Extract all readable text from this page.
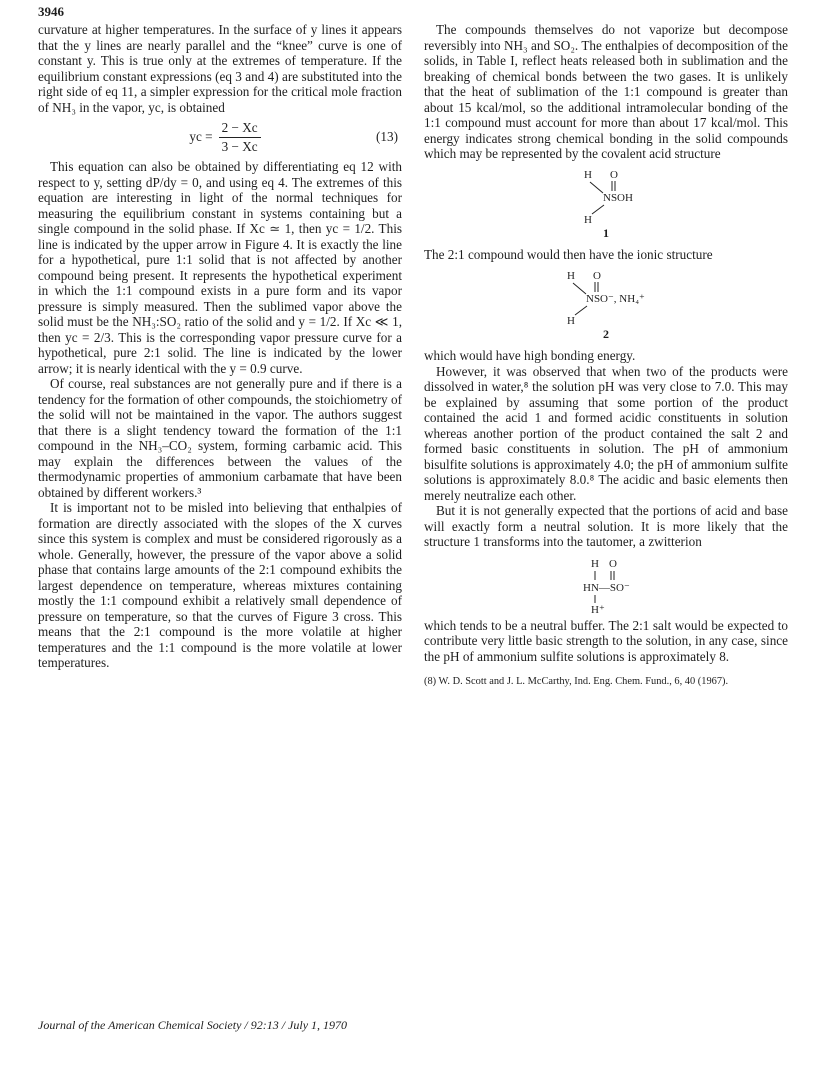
3946

curvature at higher temperatures. In the surface of y lines it appears that the y lines are nearly parallel and the “knee” curve is one of constant y. This is true only at the extremes of temperature. If the equilibrium constant expressions (eq 3 and 4) are substituted into the right side of eq 11, a simpler expression for the critical mole fraction of NH₃ in the vapor, yc, is obtained

yc = $\frac{2 - Xc}{3 - Xc}$	(13)

This equation can also be obtained by differentiating eq 12 with respect to y, setting dP/dy = 0, and using eq 4. The extremes of this equation are interesting in light of the normal techniques for measuring the equilibrium constant in systems containing but a single compound in the solid phase. If Xc ≃ 1, then yc = 1/2. This line is indicated by the upper arrow in Figure 4. It is exactly the line for a hypothetical, pure 1:1 solid that is not affected by another compound being present. It represents the hypothetical experiment in which the 1:1 compound exists in a pure form and its vapor pressure is simply measured. Then the sublimed vapor above the solid must be the NH₃:SO₂ ratio of the solid and y = 1/2. If Xc ≪ 1, then yc = 2/3. This is the corresponding vapor pressure curve for a hypothetical, pure 2:1 solid. The line is indicated by the lower arrow; it is nearly identical with the y = 0.9 curve.

Of course, real substances are not generally pure and if there is a tendency for the formation of other compounds, the stoichiometry of the solid will not be maintained in the vapor. The authors suggest that there is a slight tendency toward the formation of the 1:1 compound in the NH₃–CO₂ system, forming carbamic acid. This may explain the differences between the values of the thermodynamic properties of ammonium carbamate that have been obtained by different workers.³

It is important not to be misled into believing that enthalpies of formation are directly associated with the slopes of the X curves since this system is complex and must be considered rigorously as a whole. Generally, however, the pressure of the vapor above a solid phase that contains large amounts of the 2:1 compound exhibits the largest dependence on temperature, whereas mixtures containing mostly the 1:1 compound exhibit a relatively small dependence of pressure on temperature, so that the curves of Figure 3 cross. This means that the 2:1 compound is the more volatile at higher temperatures and the 1:1 compound is the more volatile at lower temperatures.

The compounds themselves do not vaporize but decompose reversibly into NH₃ and SO₂. The enthalpies of decomposition of the solids, in Table I, reflect heats released both in sublimation and the breaking of chemical bonds between the two gases. It is unlikely that the heat of sublimation of the 1:1 compound is greater than about 15 kcal/mol, so the additional intramolecular bonding of the 1:1 compound must account for more than about 17 kcal/mol. This energy indicates strong chemical bonding in the solid compounds which may be represented by the covalent acid structure

H O
NSOH
H
1

The 2:1 compound would then have the ionic structure

H O
NSO⁻, NH₄⁺
H
2

which would have high bonding energy.

However, it was observed that when two of the products were dissolved in water,⁸ the solution pH was very close to 7.0. This may be explained by assuming that some portion of the product contained the acid 1 and formed acidic constituents in solution whereas another portion of the product contained the salt 2 and formed basic constituents in solution. The pH of ammonium bisulfite solutions is approximately 4.0; the pH of ammonium sulfite solutions is approximately 8.0.⁸ The acidic and basic elements then merely neutralize each other.

But it is not generally expected that the portions of acid and base will exactly form a neutral solution. It is more likely that the structure 1 transforms into the tautomer, a zwitterion

H O
HN—SO⁻
H⁺

which tends to be a neutral buffer. The 2:1 salt would be expected to contribute very little basic strength to the solution, in any case, since the pH of ammonium sulfite solutions is approximately 8.

(8) W. D. Scott and J. L. McCarthy, Ind. Eng. Chem. Fund., 6, 40 (1967).
Journal of the American Chemical Society / 92:13 / July 1, 1970
